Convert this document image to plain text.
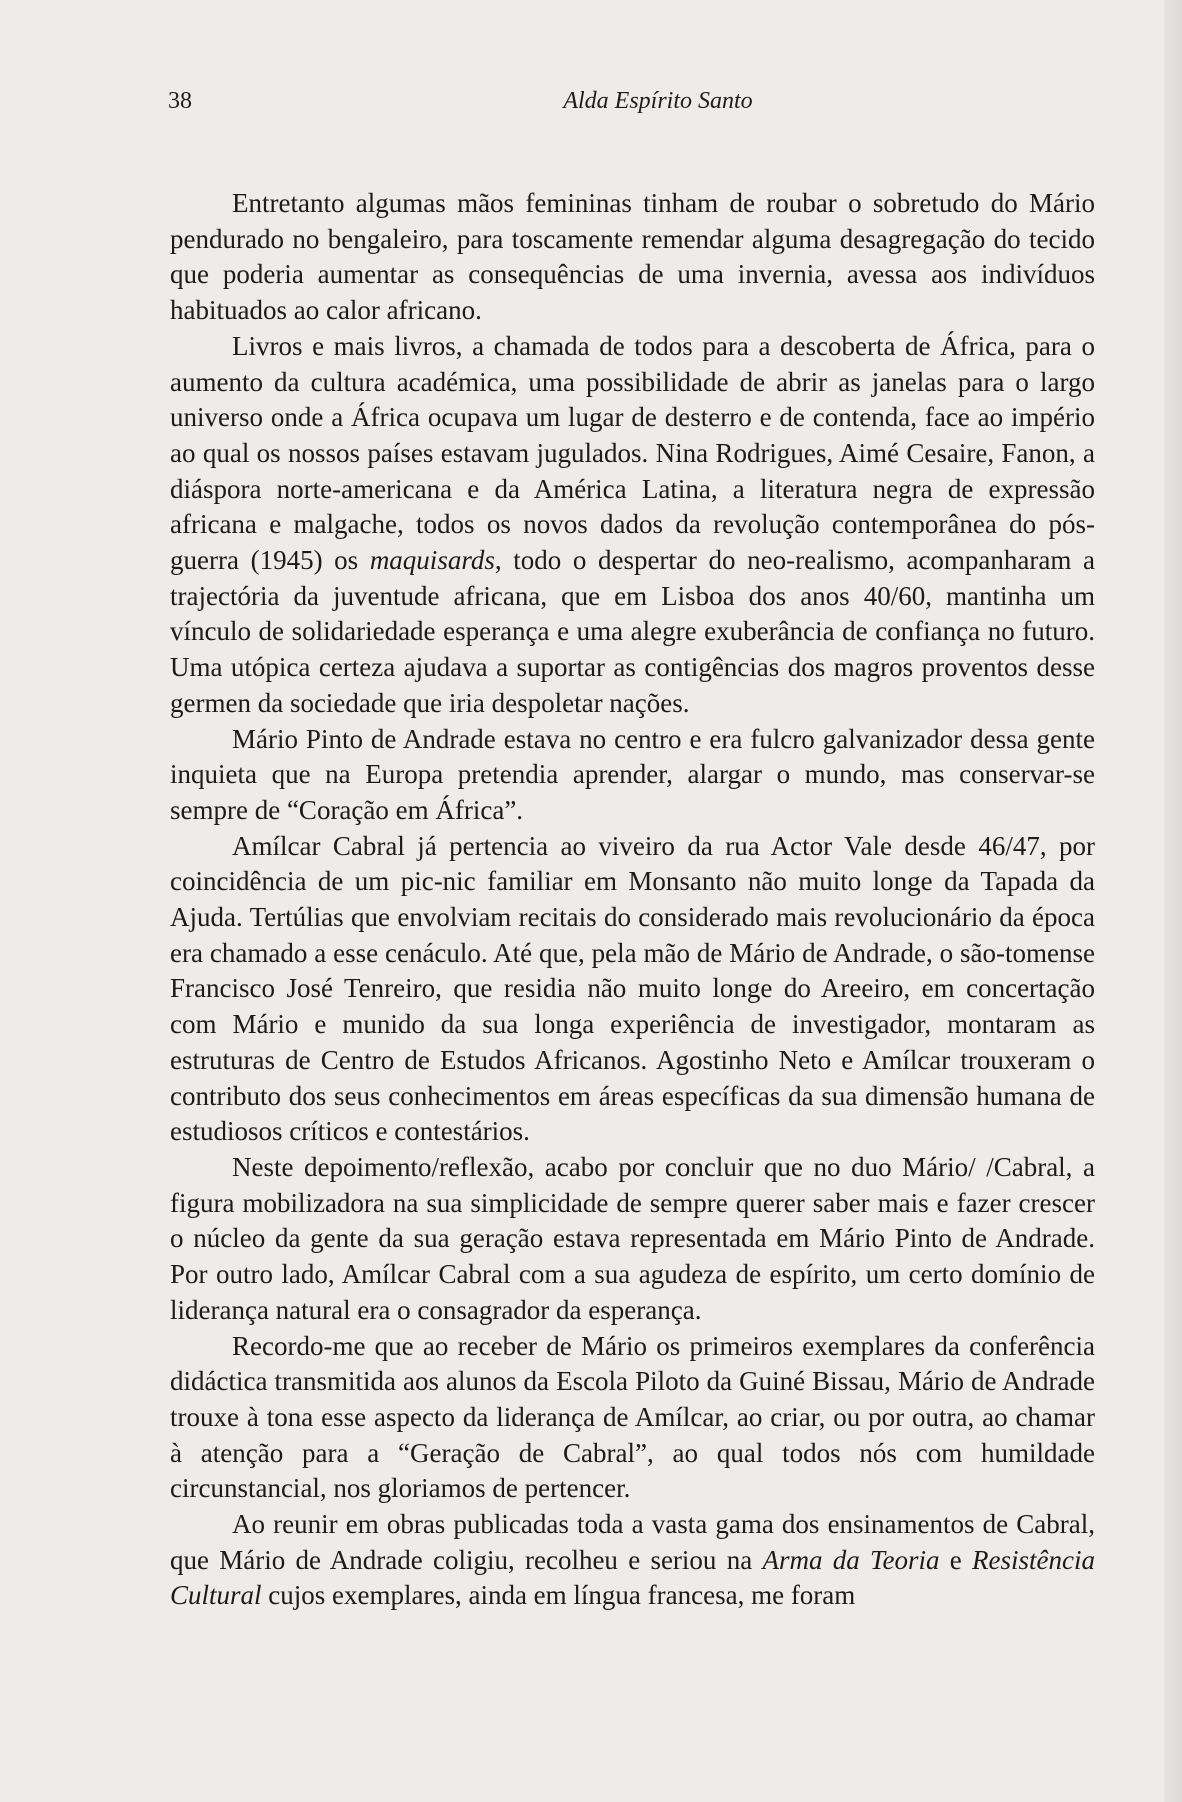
38	Alda Espírito Santo

Entretanto algumas mãos femininas tinham de roubar o sobretudo do Mário pendurado no bengaleiro, para toscamente remendar alguma desagregação do tecido que poderia aumentar as consequências de uma invernia, avessa aos indivíduos habituados ao calor africano.

Livros e mais livros, a chamada de todos para a descoberta de África, para o aumento da cultura académica, uma possibilidade de abrir as janelas para o largo universo onde a África ocupava um lugar de desterro e de contenda, face ao império ao qual os nossos países estavam jugulados. Nina Rodrigues, Aimé Cesaire, Fanon, a diáspora norte-americana e da América Latina, a literatura negra de expressão africana e malgache, todos os novos dados da revolução contemporânea do pós-guerra (1945) os maquisards, todo o despertar do neo-realismo, acompanharam a trajectória da juventude africana, que em Lisboa dos anos 40/60, mantinha um vínculo de solidariedade esperança e uma alegre exuberância de confiança no futuro. Uma utópica certeza ajudava a suportar as contigências dos magros proventos desse germen da sociedade que iria despoletar nações.

Mário Pinto de Andrade estava no centro e era fulcro galvanizador dessa gente inquieta que na Europa pretendia aprender, alargar o mundo, mas conservar-se sempre de “Coração em África”.

Amílcar Cabral já pertencia ao viveiro da rua Actor Vale desde 46/47, por coincidência de um pic-nic familiar em Monsanto não muito longe da Tapada da Ajuda. Tertúlias que envolviam recitais do considerado mais revolucionário da época era chamado a esse cenáculo. Até que, pela mão de Mário de Andrade, o são-tomense Francisco José Tenreiro, que residia não muito longe do Areeiro, em concertação com Mário e munido da sua longa experiência de investigador, montaram as estruturas de Centro de Estudos Africanos. Agostinho Neto e Amílcar trouxeram o contributo dos seus conhecimentos em áreas específicas da sua dimensão humana de estudiosos críticos e contestários.

Neste depoimento/reflexão, acabo por concluir que no duo Mário/ /Cabral, a figura mobilizadora na sua simplicidade de sempre querer saber mais e fazer crescer o núcleo da gente da sua geração estava representada em Mário Pinto de Andrade. Por outro lado, Amílcar Cabral com a sua agudeza de espírito, um certo domínio de liderança natural era o consagrador da esperança.

Recordo-me que ao receber de Mário os primeiros exemplares da conferência didáctica transmitida aos alunos da Escola Piloto da Guiné Bissau, Mário de Andrade trouxe à tona esse aspecto da liderança de Amílcar, ao criar, ou por outra, ao chamar à atenção para a “Geração de Cabral”, ao qual todos nós com humildade circunstancial, nos gloriamos de pertencer.

Ao reunir em obras publicadas toda a vasta gama dos ensinamentos de Cabral, que Mário de Andrade coligiu, recolheu e seriou na Arma da Teoria e Resistência Cultural cujos exemplares, ainda em língua francesa, me foram
